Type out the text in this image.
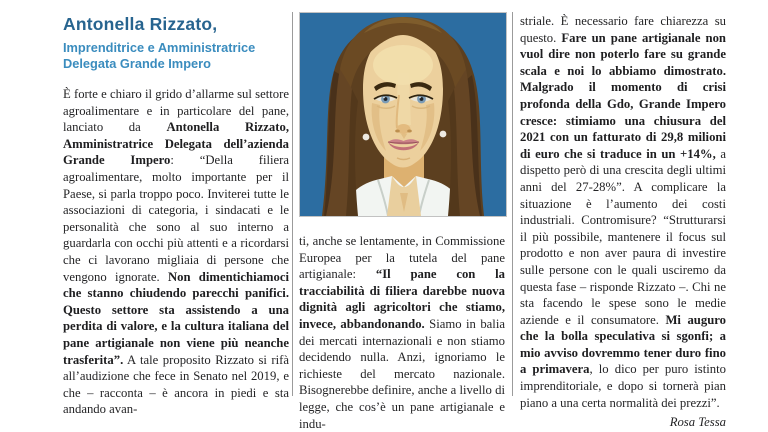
Antonella Rizzato,
Imprenditrice e Amministratrice Delegata Grande Impero

È forte e chiaro il grido d’allarme sul settore agroalimentare e in particolare del pane, lanciato da Antonella Rizzato, Amministratrice Delegata dell’azienda Grande Impero: “Della filiera agroalimentare, molto importante per il Paese, si parla troppo poco. Inviterei tutte le associazioni di categoria, i sindacati e le personalità che sono al suo interno a guardarla con occhi più attenti e a ricordarsi che ci lavorano migliaia di persone che vengono ignorate. Non dimentichiamoci che stanno chiudendo parecchi panifici. Questo settore sta assistendo a una perdita di valore, e la cultura italiana del pane artigianale non viene più neanche trasferita”. A tale proposito Rizzato si rifà all’audizione che fece in Senato nel 2019, e che – racconta – è ancora in piedi e sta andando avan-

ti, anche se lentamente, in Commissione Europea per la tutela del pane artigianale: “Il pane con la tracciabilità di filiera darebbe nuova dignità agli agricoltori che stiamo, invece, abbandonando. Siamo in balia dei mercati internazionali e non stiamo decidendo nulla. Anzi, ignoriamo le richieste del mercato nazionale. Bisognerebbe definire, anche a livello di legge, che cos’è un pane artigianale e indu-

striale. È necessario fare chiarezza su questo. Fare un pane artigianale non vuol dire non poterlo fare su grande scala e noi lo abbiamo dimostrato. Malgrado il momento di crisi profonda della Gdo, Grande Impero cresce: stimiamo una chiusura del 2021 con un fatturato di 29,8 milioni di euro che si traduce in un +14%, a dispetto però di una crescita degli ultimi anni del 27-28%”. A complicare la situazione è l’aumento dei costi industriali. Contromisure? “Strutturarsi il più possibile, mantenere il focus sul prodotto e non aver paura di investire sulle persone con le quali usciremo da questa fase – risponde Rizzato –. Chi ne sta facendo le spese sono le medie aziende e il consumatore. Mi auguro che la bolla speculativa si sgonfi; a mio avviso dovremmo tener duro fino a primavera, lo dico per puro istinto imprenditoriale, e dopo si tornerà pian piano a una certa normalità dei prezzi”.

Rosa Tessa
